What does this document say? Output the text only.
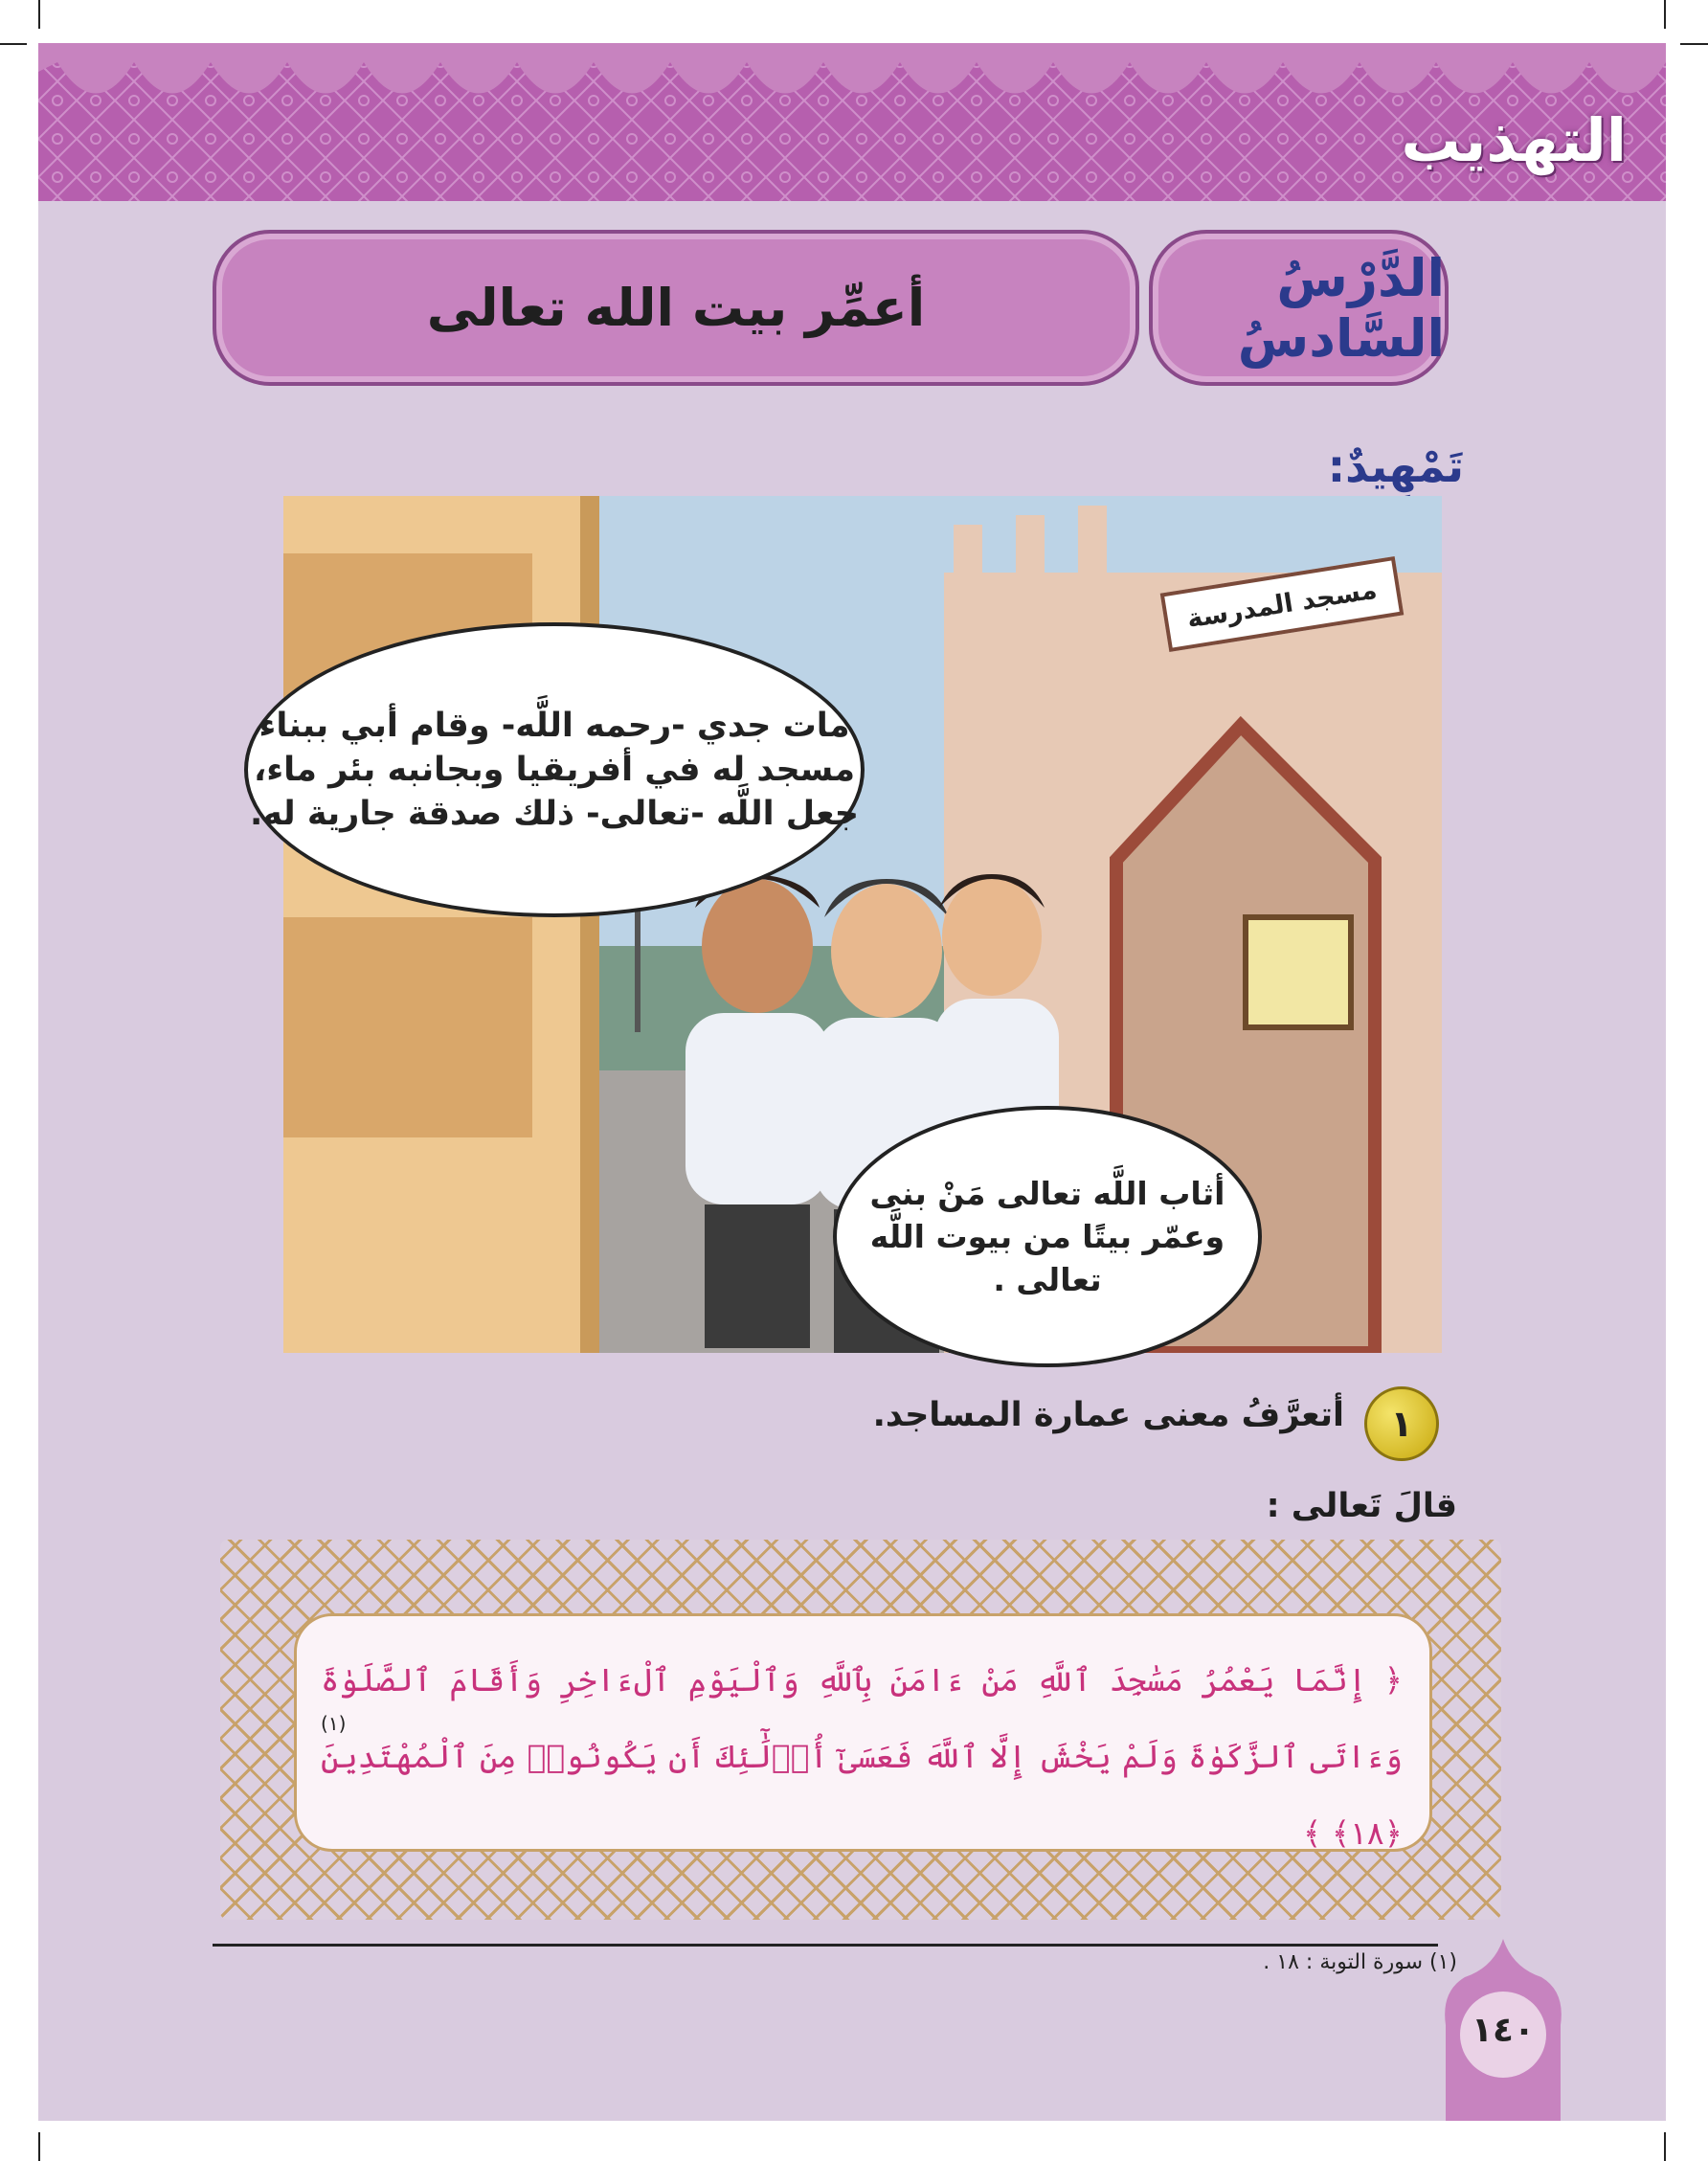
التهذيب
الدَّرْسُ السَّادسُ
أعمِّر بيت الله تعالى
تَمْهِيدٌ:
مسجد المدرسة
مات جدي -رحمه اللَّه- وقام أبي ببناء مسجد له في أفريقيا وبجانبه بئر ماء، جعل اللَّه -تعالى- ذلك صدقة جارية له.
أثاب اللَّه تعالى مَنْ بنى وعمّر بيتًا من بيوت اللَّه تعالى .
١
أتعرَّفُ معنى عمارة المساجد.
قالَ تَعالى :
﴿ إِنَّمَا يَعْمُرُ مَسَٰجِدَ ٱللَّهِ مَنْ ءَامَنَ بِٱللَّهِ وَٱلْيَوْمِ ٱلْءَاخِرِ وَأَقَامَ ٱلصَّلَوٰةَ وَءَاتَى ٱلزَّكَوٰةَ وَلَمْ يَخْشَ إِلَّا ٱللَّهَ فَعَسَىٰٓ أُو۟لَٰٓئِكَ أَن يَكُونُوا۟ مِنَ ٱلْمُهْتَدِينَ ﴿١٨﴾ ﴾
(١)
(١) سورة التوبة : ١٨ .
١٤٠
